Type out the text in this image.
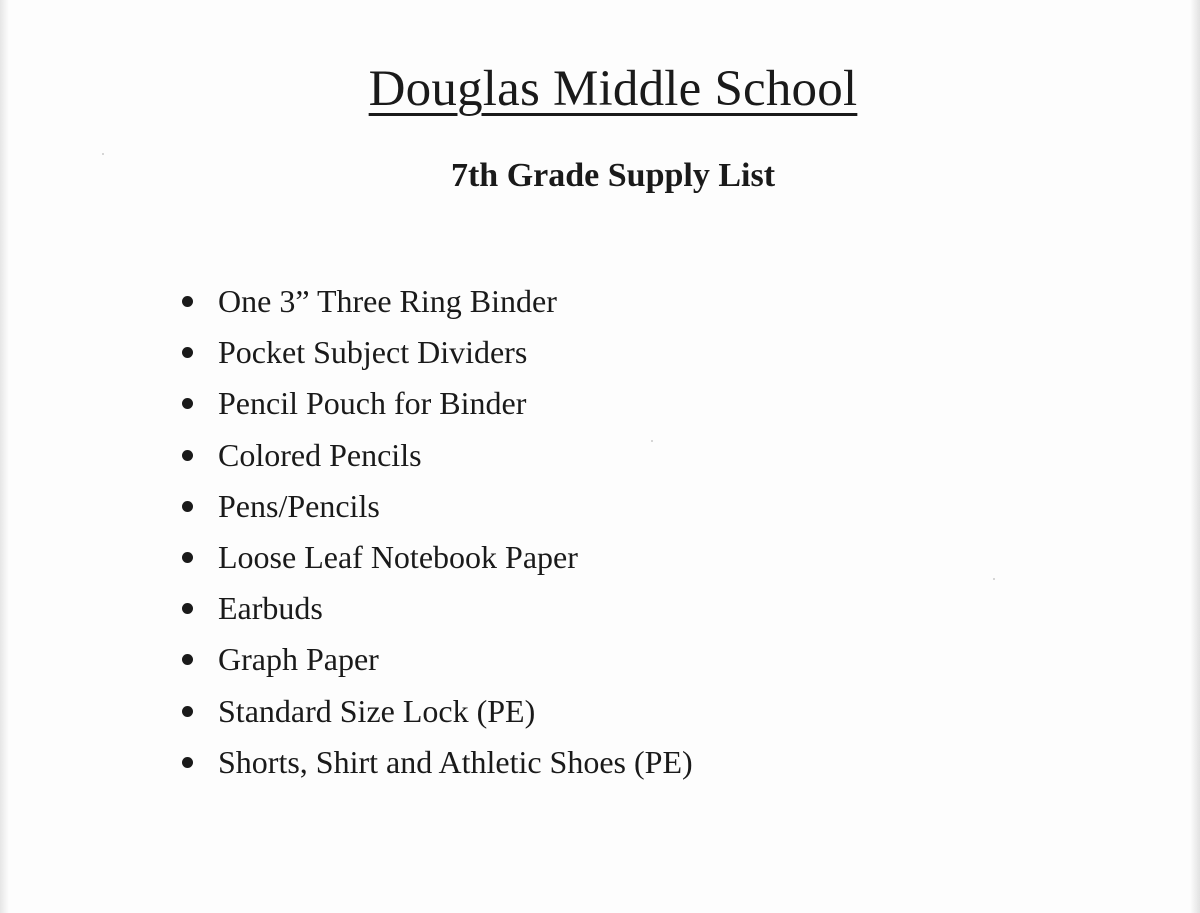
Douglas Middle School
7th Grade Supply List
One 3” Three Ring Binder
Pocket Subject Dividers
Pencil Pouch for Binder
Colored Pencils
Pens/Pencils
Loose Leaf Notebook Paper
Earbuds
Graph Paper
Standard Size Lock (PE)
Shorts, Shirt and Athletic Shoes (PE)
